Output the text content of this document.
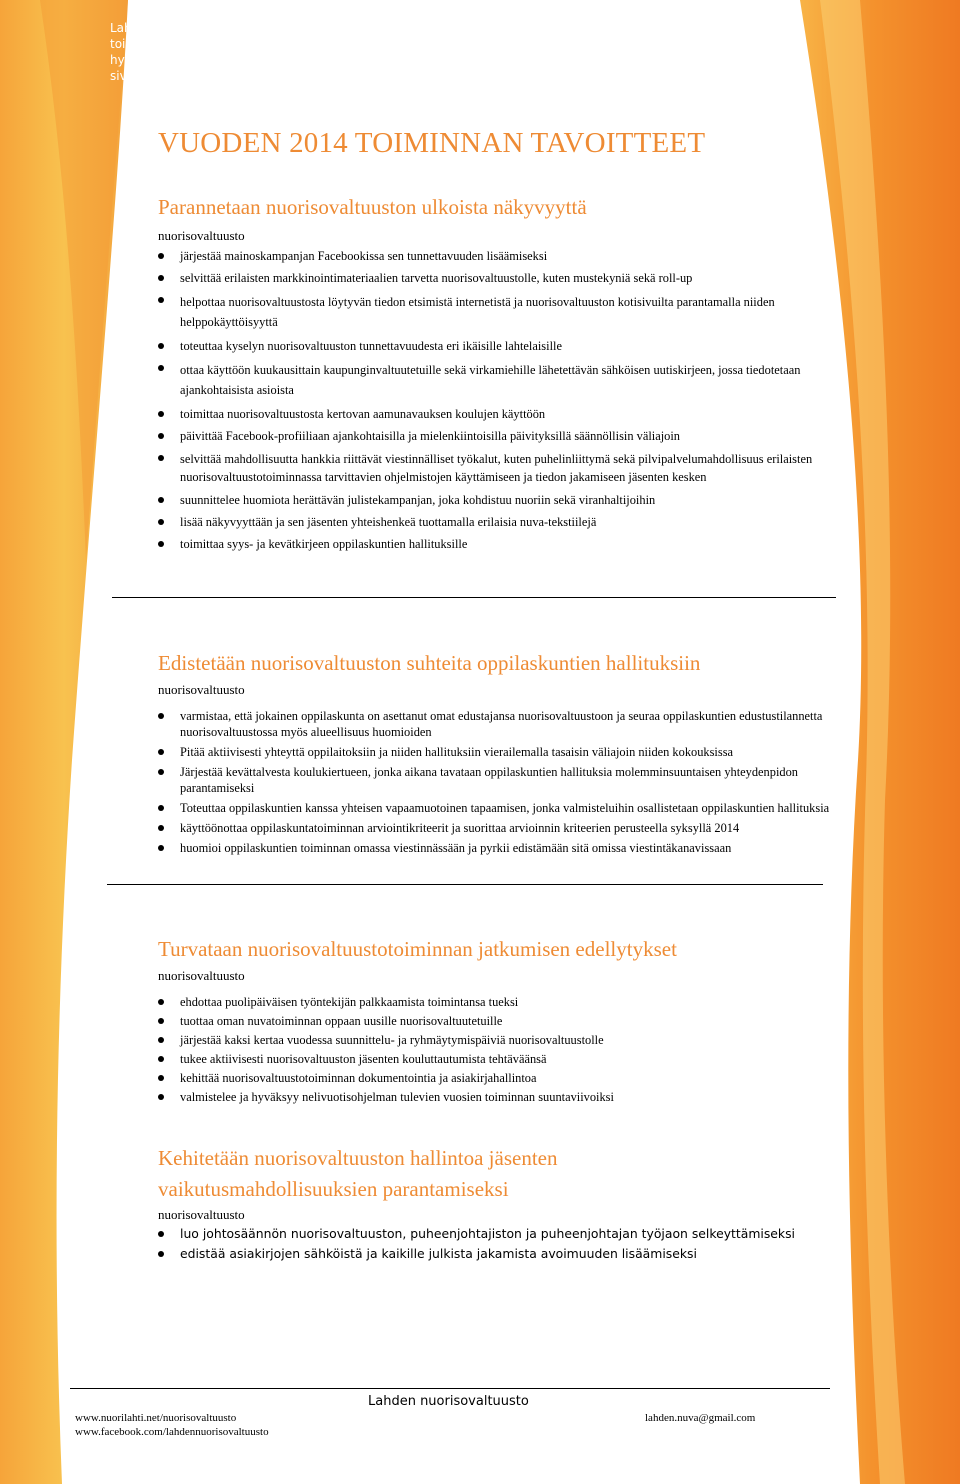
Lahden nuorisovaltuusto
toimintasuunnitelma ja talousarvioehdotus 2014
hyväksytty kokouksessa 15.1.2013
sivu 3 / 8
VUODEN 2014 TOIMINNAN TAVOITTEET
Parannetaan nuorisovaltuuston ulkoista näkyvyyttä
nuorisovaltuusto
järjestää mainoskampanjan Facebookissa sen tunnettavuuden lisäämiseksi
selvittää erilaisten markkinointimateriaalien tarvetta nuorisovaltuustolle, kuten mustekyniä sekä roll-up
helpottaa nuorisovaltuustosta löytyvän tiedon etsimistä internetistä ja nuorisovaltuuston kotisivuilta parantamalla niiden helppokäyttöisyyttä
toteuttaa kyselyn nuorisovaltuuston tunnettavuudesta eri ikäisille lahtelaisille
ottaa käyttöön kuukausittain kaupunginvaltuutetuille sekä virkamiehille lähetettävän sähköisen uutiskirjeen, jossa tiedotetaan ajankohtaisista asioista
toimittaa nuorisovaltuustosta kertovan aamunavauksen koulujen käyttöön
päivittää Facebook-profiiliaan ajankohtaisilla ja mielenkiintoisilla päivityksillä säännöllisin väliajoin
selvittää mahdollisuutta hankkia riittävät viestinnälliset työkalut, kuten puhelinliittymä sekä pilvipalvelumahdollisuus erilaisten nuorisovaltuustotoiminnassa tarvittavien ohjelmistojen käyttämiseen ja tiedon jakamiseen jäsenten kesken
suunnittelee huomiota herättävän julistekampanjan, joka kohdistuu nuoriin sekä viranhaltijoihin
lisää näkyvyyttään ja sen jäsenten yhteishenkeä tuottamalla erilaisia nuva-tekstiilejä
toimittaa syys- ja kevätkirjeen oppilaskuntien hallituksille
Edistetään nuorisovaltuuston suhteita oppilaskuntien hallituksiin
nuorisovaltuusto
varmistaa, että jokainen oppilaskunta on asettanut omat edustajansa nuorisovaltuustoon ja seuraa oppilaskuntien edustustilannetta nuorisovaltuustossa myös alueellisuus huomioiden
Pitää aktiivisesti yhteyttä oppilaitoksiin ja niiden hallituksiin vierailemalla tasaisin väliajoin niiden kokouksissa
Järjestää kevättalvesta koulukiertueen, jonka aikana tavataan oppilaskuntien hallituksia molemminsuuntaisen yhteydenpidon parantamiseksi
Toteuttaa oppilaskuntien kanssa yhteisen vapaamuotoinen tapaamisen, jonka valmisteluihin osallistetaan oppilaskuntien hallituksia
käyttöönottaa oppilaskuntatoiminnan arviointikriteerit ja suorittaa arvioinnin kriteerien perusteella syksyllä 2014
huomioi oppilaskuntien toiminnan omassa viestinnässään ja pyrkii edistämään sitä omissa viestintäkanavissaan
Turvataan nuorisovaltuustotoiminnan jatkumisen edellytykset
nuorisovaltuusto
ehdottaa puolipäiväisen työntekijän palkkaamista toimintansa tueksi
tuottaa oman nuvatoiminnan oppaan uusille nuorisovaltuutetuille
järjestää kaksi kertaa vuodessa suunnittelu- ja ryhmäytymispäiviä nuorisovaltuustolle
tukee aktiivisesti nuorisovaltuuston jäsenten kouluttautumista tehtäväänsä
kehittää nuorisovaltuustotoiminnan dokumentointia ja asiakirjahallintoa
valmistelee ja hyväksyy nelivuotisohjelman tulevien vuosien toiminnan suuntaviivoiksi
Kehitetään nuorisovaltuuston hallintoa jäsenten vaikutusmahdollisuuksien parantamiseksi
nuorisovaltuusto
luo johtosäännön nuorisovaltuuston, puheenjohtajiston ja puheenjohtajan työjaon selkeyttämiseksi
edistää asiakirjojen sähköistä ja kaikille julkista jakamista avoimuuden lisäämiseksi
Lahden nuorisovaltuusto
www.nuorilahti.net/nuorisovaltuusto
www.facebook.com/lahdennuorisovaltuusto
lahden.nuva@gmail.com
